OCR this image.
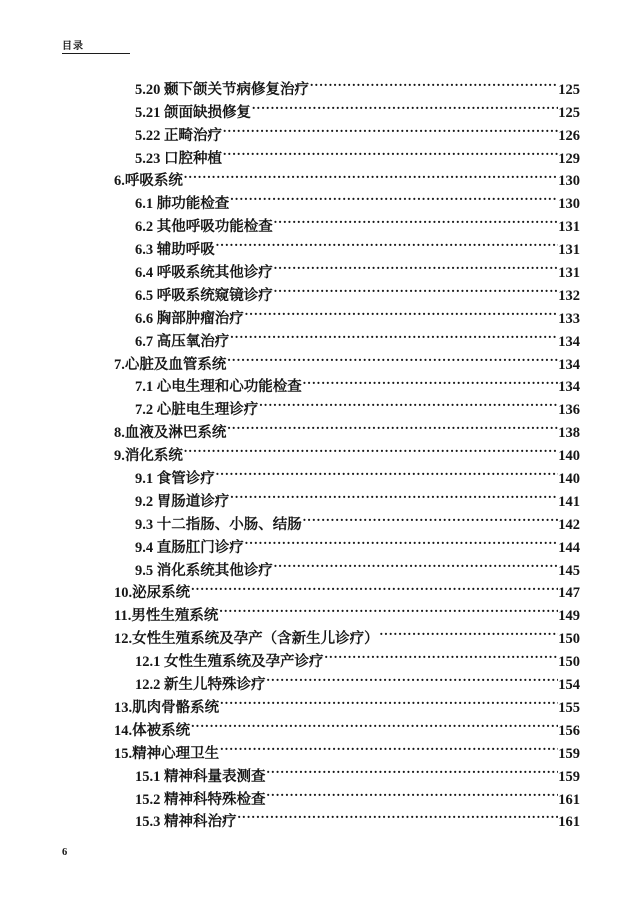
目录
5.20 颞下颌关节病修复治疗 .....	125
5.21 颌面缺损修复 .....	125
5.22 正畸治疗 .....	126
5.23 口腔种植 .....	129
6.呼吸系统 .....	130
6.1 肺功能检查 .....	130
6.2 其他呼吸功能检查 .....	131
6.3 辅助呼吸 .....	131
6.4 呼吸系统其他诊疗 .....	131
6.5 呼吸系统窥镜诊疗 .....	132
6.6 胸部肿瘤治疗 .....	133
6.7 高压氧治疗 .....	134
7.心脏及血管系统 .....	134
7.1 心电生理和心功能检查 .....	134
7.2 心脏电生理诊疗 .....	136
8.血液及淋巴系统 .....	138
9.消化系统 .....	140
9.1 食管诊疗 .....	140
9.2 胃肠道诊疗 .....	141
9.3 十二指肠、小肠、结肠 .....	142
9.4 直肠肛门诊疗 .....	144
9.5 消化系统其他诊疗 .....	145
10.泌尿系统 .....	147
11.男性生殖系统 .....	149
12.女性生殖系统及孕产（含新生儿诊疗） .....	150
12.1 女性生殖系统及孕产诊疗 .....	150
12.2 新生儿特殊诊疗 .....	154
13.肌肉骨骼系统 .....	155
14.体被系统 .....	156
15.精神心理卫生 .....	159
15.1 精神科量表测查 .....	159
15.2 精神科特殊检查 .....	161
15.3 精神科治疗 .....	161
6
